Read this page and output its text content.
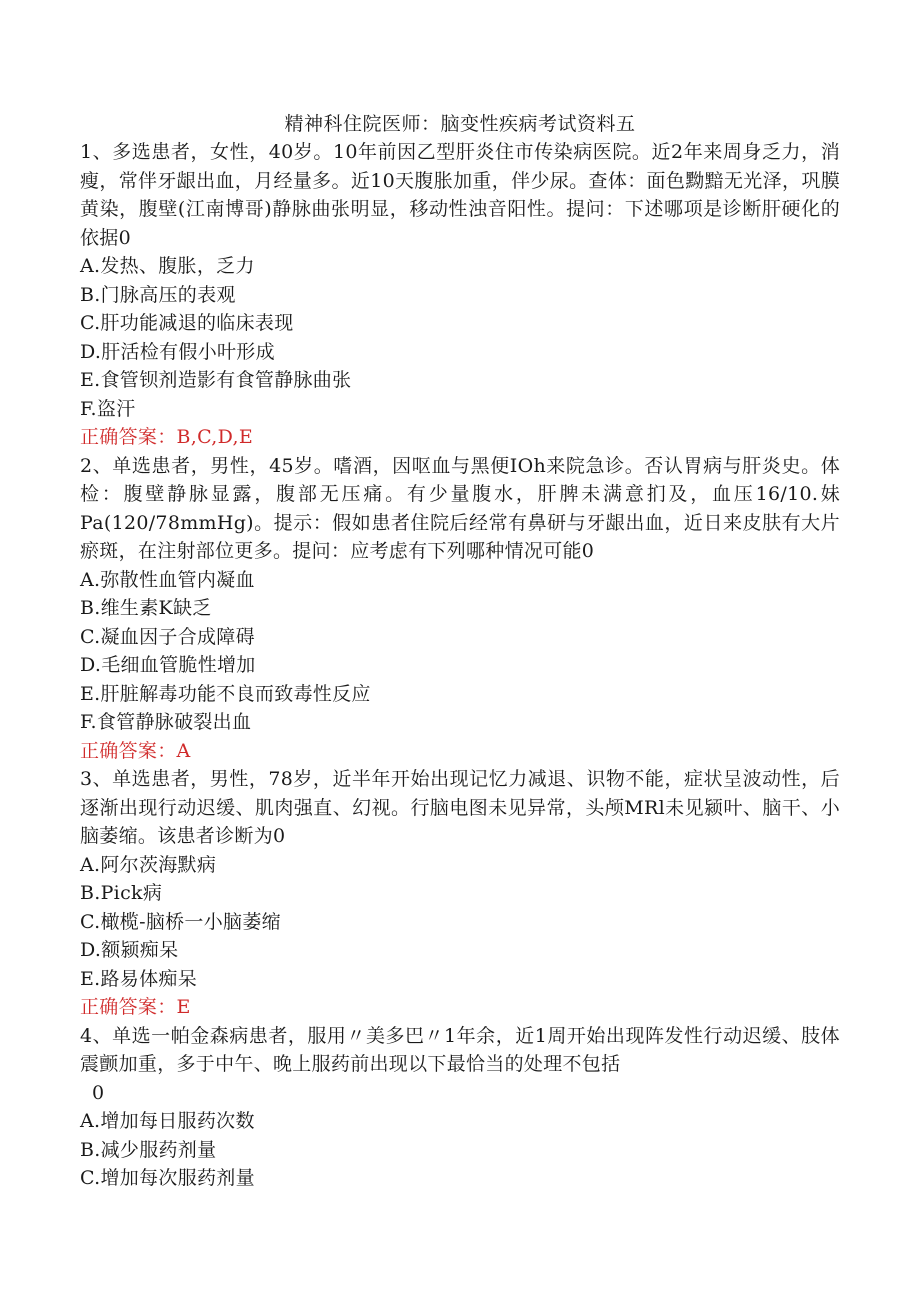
精神科住院医师：脑变性疾病考试资料五

1、多选患者，女性，40岁。10年前因乙型肝炎住市传染病医院。近2年来周身乏力，消瘦，常伴牙龈出血，月经量多。近10天腹胀加重，伴少尿。查体：面色黝黯无光泽，巩膜黄染，腹壁(江南博哥)静脉曲张明显，移动性浊音阳性。提问：下述哪项是诊断肝硬化的依据0

A.发热、腹胀，乏力

B.门脉高压的表观

C.肝功能减退的临床表现

D.肝活检有假小叶形成

E.食管钡剂造影有食管静脉曲张

F.盗汗

正确答案：B,C,D,E

2、单选患者，男性，45岁。嗜酒，因呕血与黑便IOh来院急诊。否认胃病与肝炎史。体检：腹壁静脉显露，腹部无压痛。有少量腹水，肝脾未满意扪及，血压16/10.妹Pa(120/78mmHg)。提示：假如患者住院后经常有鼻研与牙龈出血，近日来皮肤有大片瘀斑，在注射部位更多。提问：应考虑有下列哪种情况可能0

A.弥散性血管内凝血

B.维生素K缺乏

C.凝血因子合成障碍

D.毛细血管脆性增加

E.肝脏解毒功能不良而致毒性反应

F.食管静脉破裂出血

正确答案：A

3、单选患者，男性，78岁，近半年开始出现记忆力减退、识物不能，症状呈波动性，后逐渐出现行动迟缓、肌肉强直、幻视。行脑电图未见异常，头颅MRl未见颍叶、脑干、小脑萎缩。该患者诊断为0

A.阿尔茨海默病

B.Pick病

C.橄榄-脑桥一小脑萎缩

D.额颍痴呆

E.路易体痴呆

正确答案：E

4、单选一帕金森病患者，服用〃美多巴〃1年余，近1周开始出现阵发性行动迟缓、肢体震颤加重，多于中午、晚上服药前出现以下最恰当的处理不包括

0

A.增加每日服药次数

B.减少服药剂量

C.增加每次服药剂量
